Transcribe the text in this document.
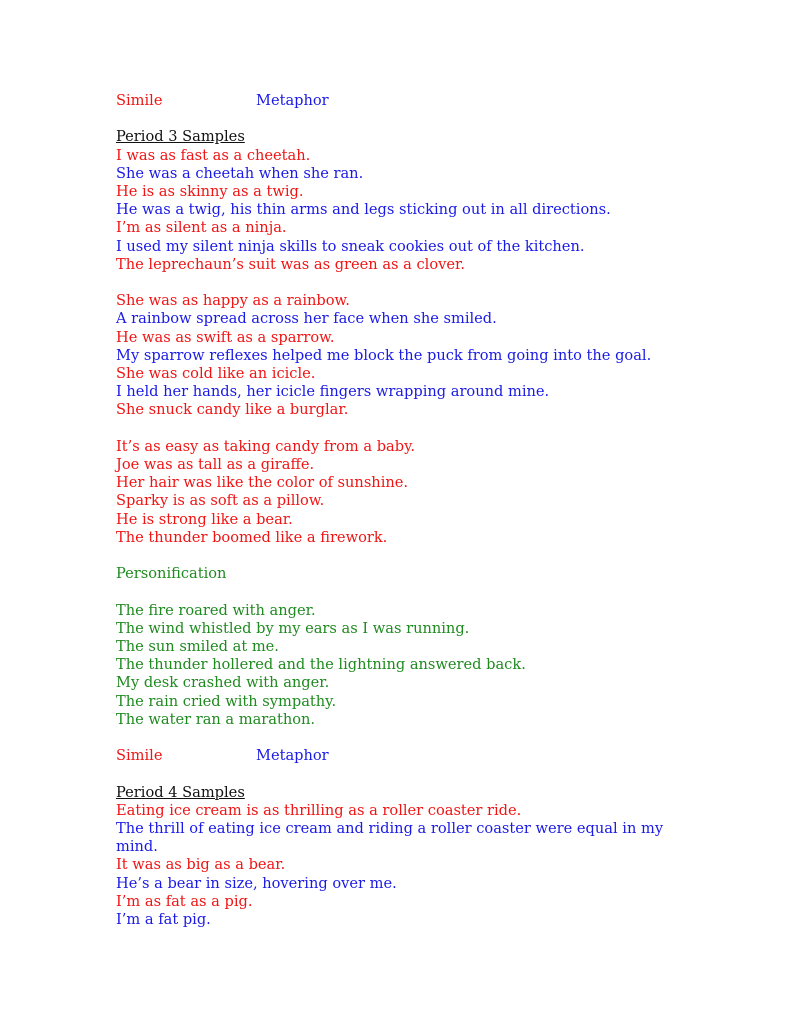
Simile	Metaphor
Period 3 Samples
I was as fast as a cheetah.
She was a cheetah when she ran.
He is as skinny as a twig.
He was a twig, his thin arms and legs sticking out in all directions.
I’m as silent as a ninja.
I used my silent ninja skills to sneak cookies out of the kitchen.
The leprechaun’s suit was as green as a clover.
She was as happy as a rainbow.
A rainbow spread across her face when she smiled.
He was as swift as a sparrow.
My sparrow reflexes helped me block the puck from going into the goal.
She was cold like an icicle.
I held her hands, her icicle fingers wrapping around mine.
She snuck candy like a burglar.
It’s as easy as taking candy from a baby.
Joe was as tall as a giraffe.
Her hair was like the color of sunshine.
Sparky is as soft as a pillow.
He is strong like a bear.
The thunder boomed like a firework.
Personification
The fire roared with anger.
The wind whistled by my ears as I was running.
The sun smiled at me.
The thunder hollered and the lightning answered back.
My desk crashed with anger.
The rain cried with sympathy.
The water ran a marathon.
Simile	Metaphor
Period 4 Samples
Eating ice cream is as thrilling as a roller coaster ride.
The thrill of eating ice cream and riding a roller coaster were equal in my mind.
It was as big as a bear.
He’s a bear in size, hovering over me.
I’m as fat as a pig.
I’m a fat pig.
